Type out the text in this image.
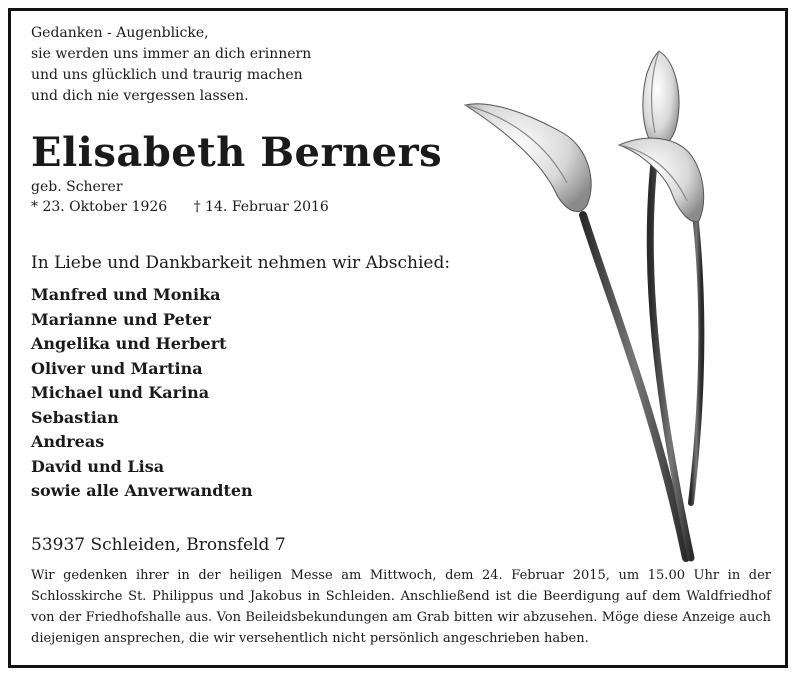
Gedanken - Augenblicke,
sie werden uns immer an dich erinnern
und uns glücklich und traurig machen
und dich nie vergessen lassen.
Elisabeth Berners
geb. Scherer
* 23. Oktober 1926 † 14. Februar 2016
In Liebe und Dankbarkeit nehmen wir Abschied:
Manfred und Monika
Marianne und Peter
Angelika und Herbert
Oliver und Martina
Michael und Karina
Sebastian
Andreas
David und Lisa
sowie alle Anverwandten
53937 Schleiden, Bronsfeld 7

Wir gedenken ihrer in der heiligen Messe am Mittwoch, dem 24. Februar 2015, um 15.00 Uhr in der Schlosskirche St. Philippus und Jakobus in Schleiden. Anschließend ist die Beerdigung auf dem Waldfriedhof von der Friedhofshalle aus. Von Beileidsbekundungen am Grab bitten wir abzusehen. Möge diese Anzeige auch diejenigen ansprechen, die wir versehentlich nicht persönlich angeschrieben haben.
